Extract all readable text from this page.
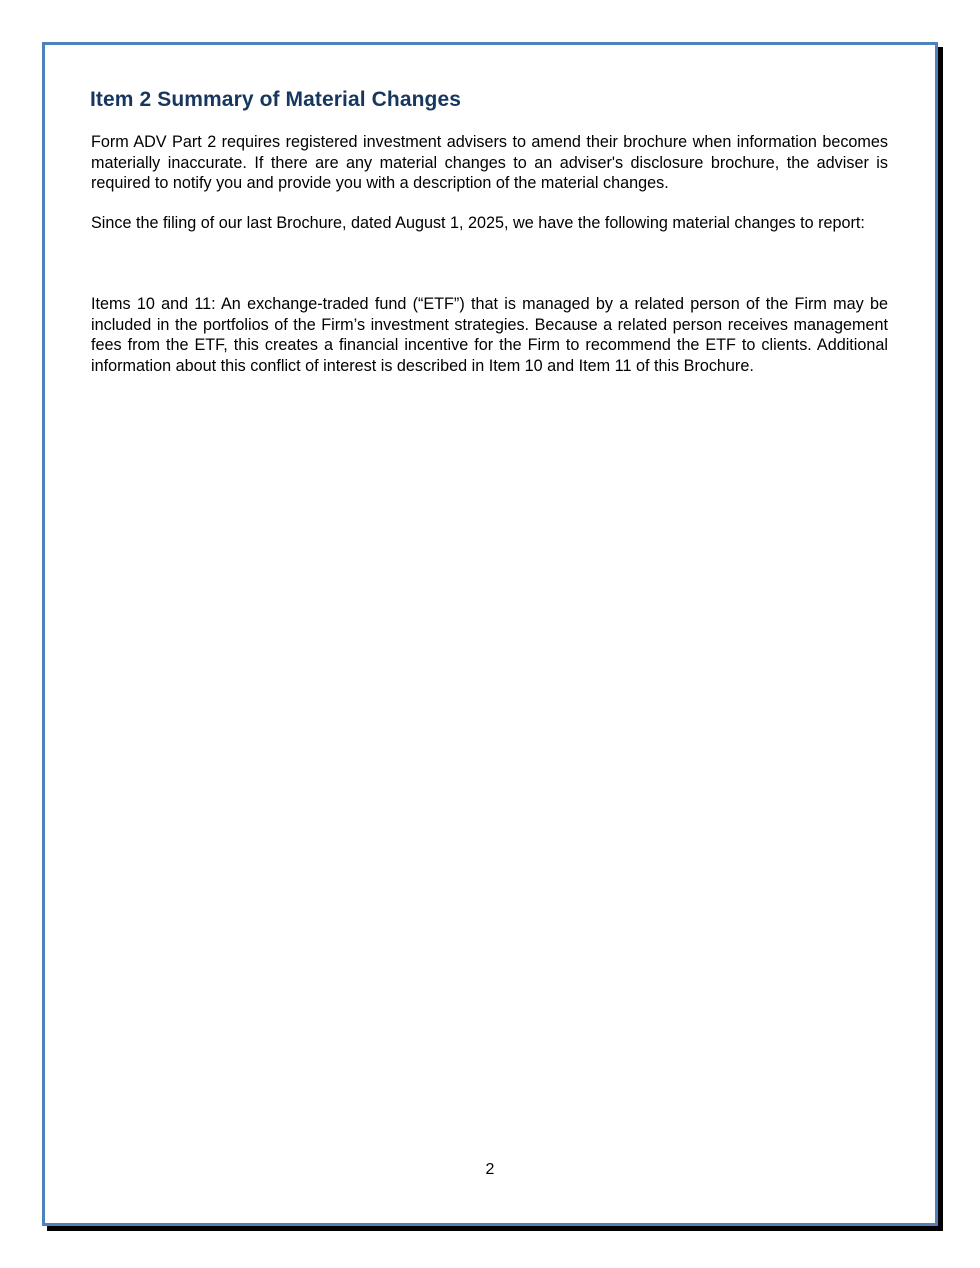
Item 2 Summary of Material Changes

Form ADV Part 2 requires registered investment advisers to amend their brochure when information becomes materially inaccurate. If there are any material changes to an adviser's disclosure brochure, the adviser is required to notify you and provide you with a description of the material changes.

Since the filing of our last Brochure, dated August 1, 2025, we have the following material changes to report:

Items 10 and 11: An exchange-traded fund (“ETF”) that is managed by a related person of the Firm may be included in the portfolios of the Firm’s investment strategies. Because a related person receives management fees from the ETF, this creates a financial incentive for the Firm to recommend the ETF to clients. Additional information about this conflict of interest is described in Item 10 and Item 11 of this Brochure.

2
